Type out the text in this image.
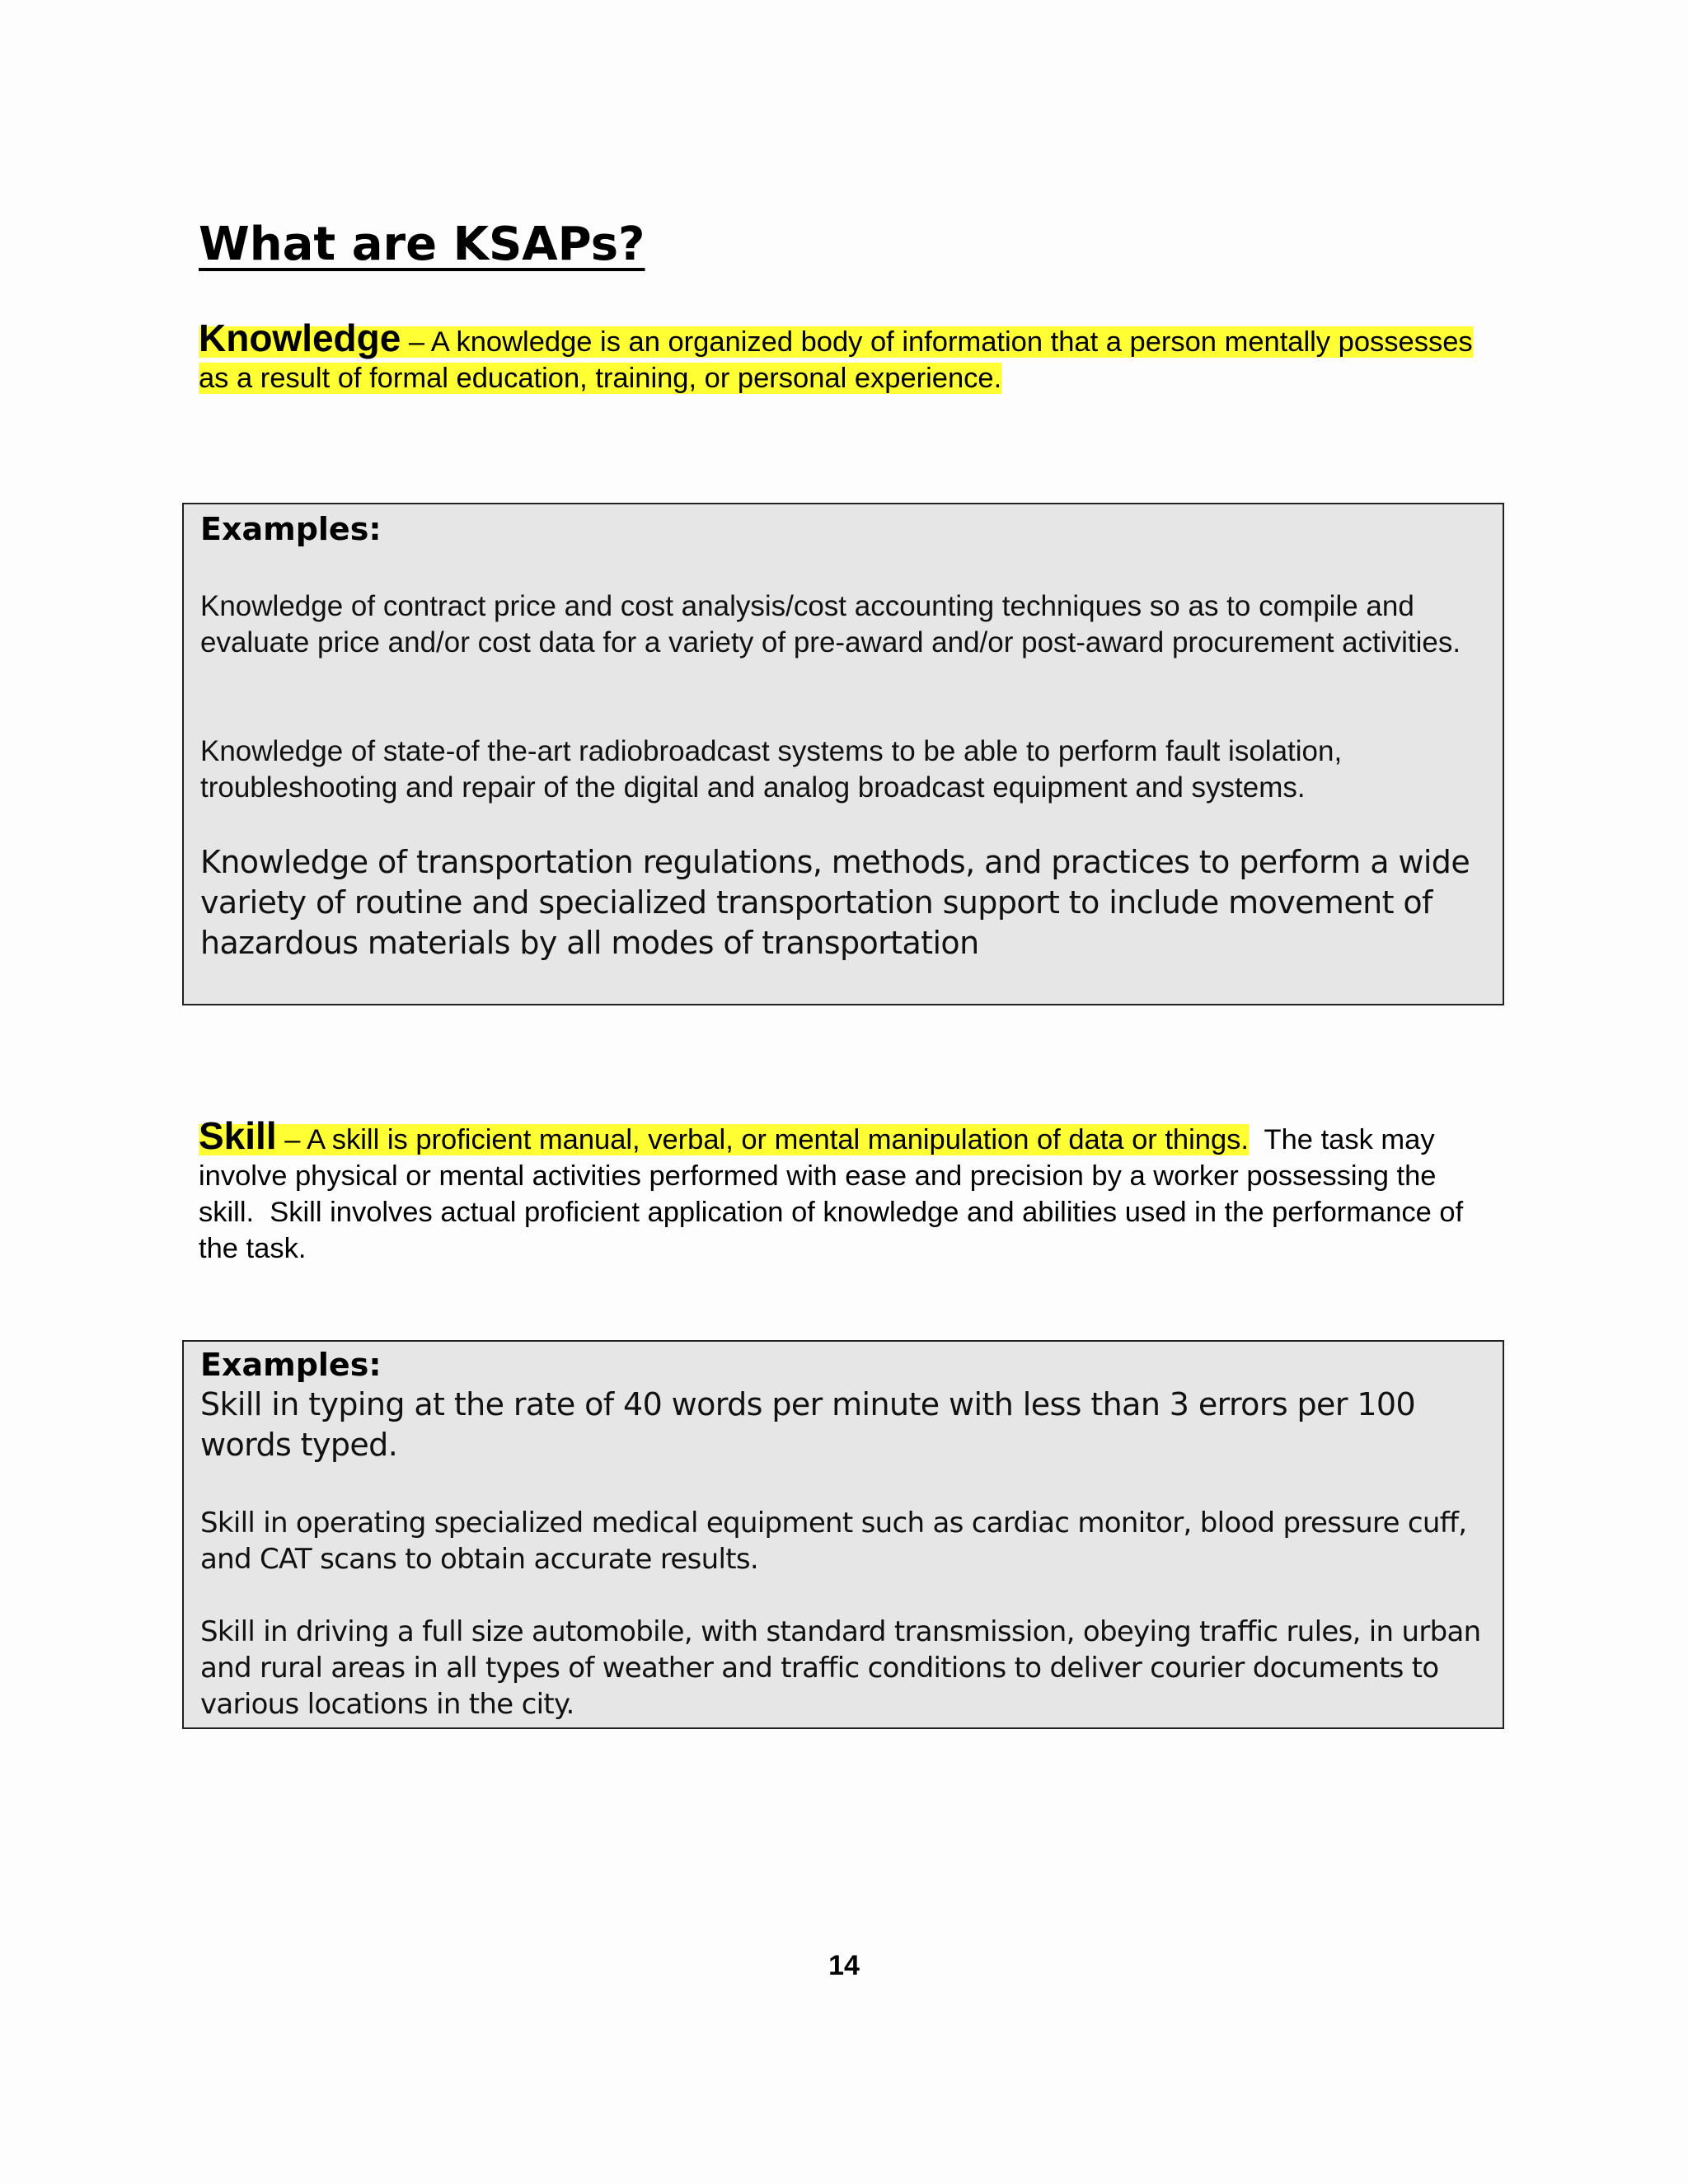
What are KSAPs?

Knowledge – A knowledge is an organized body of information that a person mentally possesses as a result of formal education, training, or personal experience.

Examples:

Knowledge of contract price and cost analysis/cost accounting techniques so as to compile and evaluate price and/or cost data for a variety of pre-award and/or post-award procurement activities.

Knowledge of state-of the-art radiobroadcast systems to be able to perform fault isolation, troubleshooting and repair of the digital and analog broadcast equipment and systems.

Knowledge of transportation regulations, methods, and practices to perform a wide variety of routine and specialized transportation support to include movement of hazardous materials by all modes of transportation

Skill – A skill is proficient manual, verbal, or mental manipulation of data or things.  The task may involve physical or mental activities performed with ease and precision by a worker possessing the skill.  Skill involves actual proficient application of knowledge and abilities used in the performance of the task.

Examples:

Skill in typing at the rate of 40 words per minute with less than 3 errors per 100 words typed.

Skill in operating specialized medical equipment such as cardiac monitor, blood pressure cuff, and CAT scans to obtain accurate results.

Skill in driving a full size automobile, with standard transmission, obeying traffic rules, in urban and rural areas in all types of weather and traffic conditions to deliver courier documents to various locations in the city.

14
